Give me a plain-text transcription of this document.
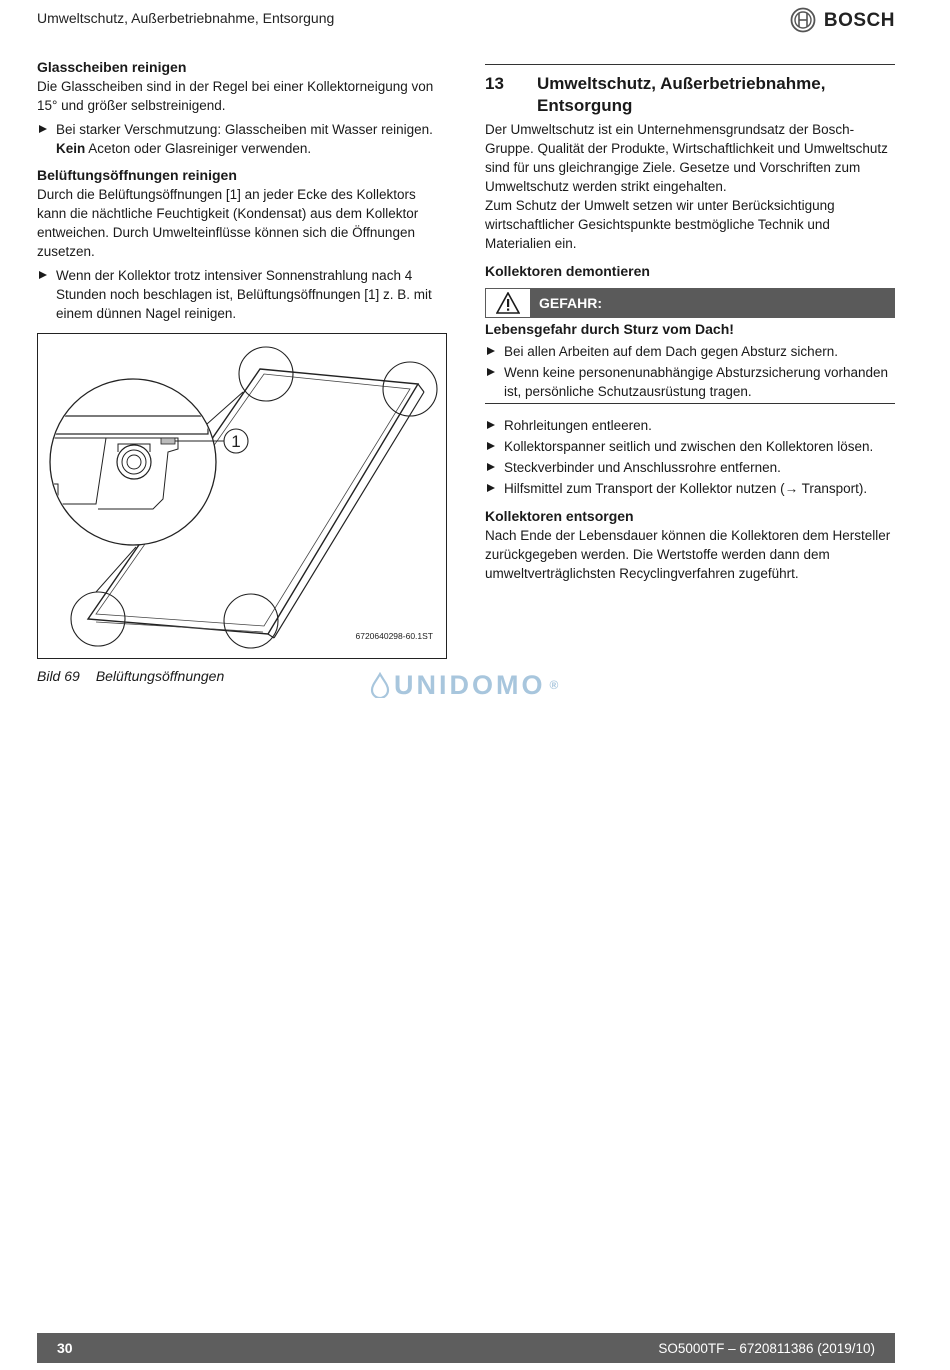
Umweltschutz, Außerbetriebnahme, Entsorgung	BOSCH
Glasscheiben reinigen

Die Glasscheiben sind in der Regel bei einer Kollektorneigung von 15° und größer selbstreinigend.

Bei starker Verschmutzung: Glasscheiben mit Wasser reinigen. Kein Aceton oder Glasreiniger verwenden.
Belüftungsöffnungen reinigen

Durch die Belüftungsöffnungen [1] an jeder Ecke des Kollektors kann die nächtliche Feuchtigkeit (Kondensat) aus dem Kollektor entweichen. Durch Umwelteinflüsse können sich die Öffnungen zusetzen.

Wenn der Kollektor trotz intensiver Sonnenstrahlung nach 4 Stunden noch beschlagen ist, Belüftungsöffnungen [1] z. B. mit einem dünnen Nagel reinigen.
1
6720640298-60.1ST
Bild 69 Belüftungsöffnungen
13	Umweltschutz, Außerbetriebnahme, Entsorgung

Der Umweltschutz ist ein Unternehmensgrundsatz der Bosch-Gruppe. Qualität der Produkte, Wirtschaftlichkeit und Umweltschutz sind für uns gleichrangige Ziele. Gesetze und Vorschriften zum Umweltschutz werden strikt eingehalten.

Zum Schutz der Umwelt setzen wir unter Berücksichtigung wirtschaftlicher Gesichtspunkte bestmögliche Technik und Materialien ein.

Kollektoren demontieren
GEFAHR:
Lebensgefahr durch Sturz vom Dach!
Bei allen Arbeiten auf dem Dach gegen Absturz sichern.
Wenn keine personenunabhängige Absturzsicherung vorhanden ist, persönliche Schutzausrüstung tragen.
Rohrleitungen entleeren.
Kollektorspanner seitlich und zwischen den Kollektoren lösen.
Steckverbinder und Anschlussrohre entfernen.
Hilfsmittel zum Transport der Kollektor nutzen (→ Transport).
Kollektoren entsorgen

Nach Ende der Lebensdauer können die Kollektoren dem Hersteller zurückgegeben werden. Die Wertstoffe werden dann dem umweltverträglichsten Recyclingverfahren zugeführt.

UNIDOMO ®
30	SO5000TF – 6720811386 (2019/10)
